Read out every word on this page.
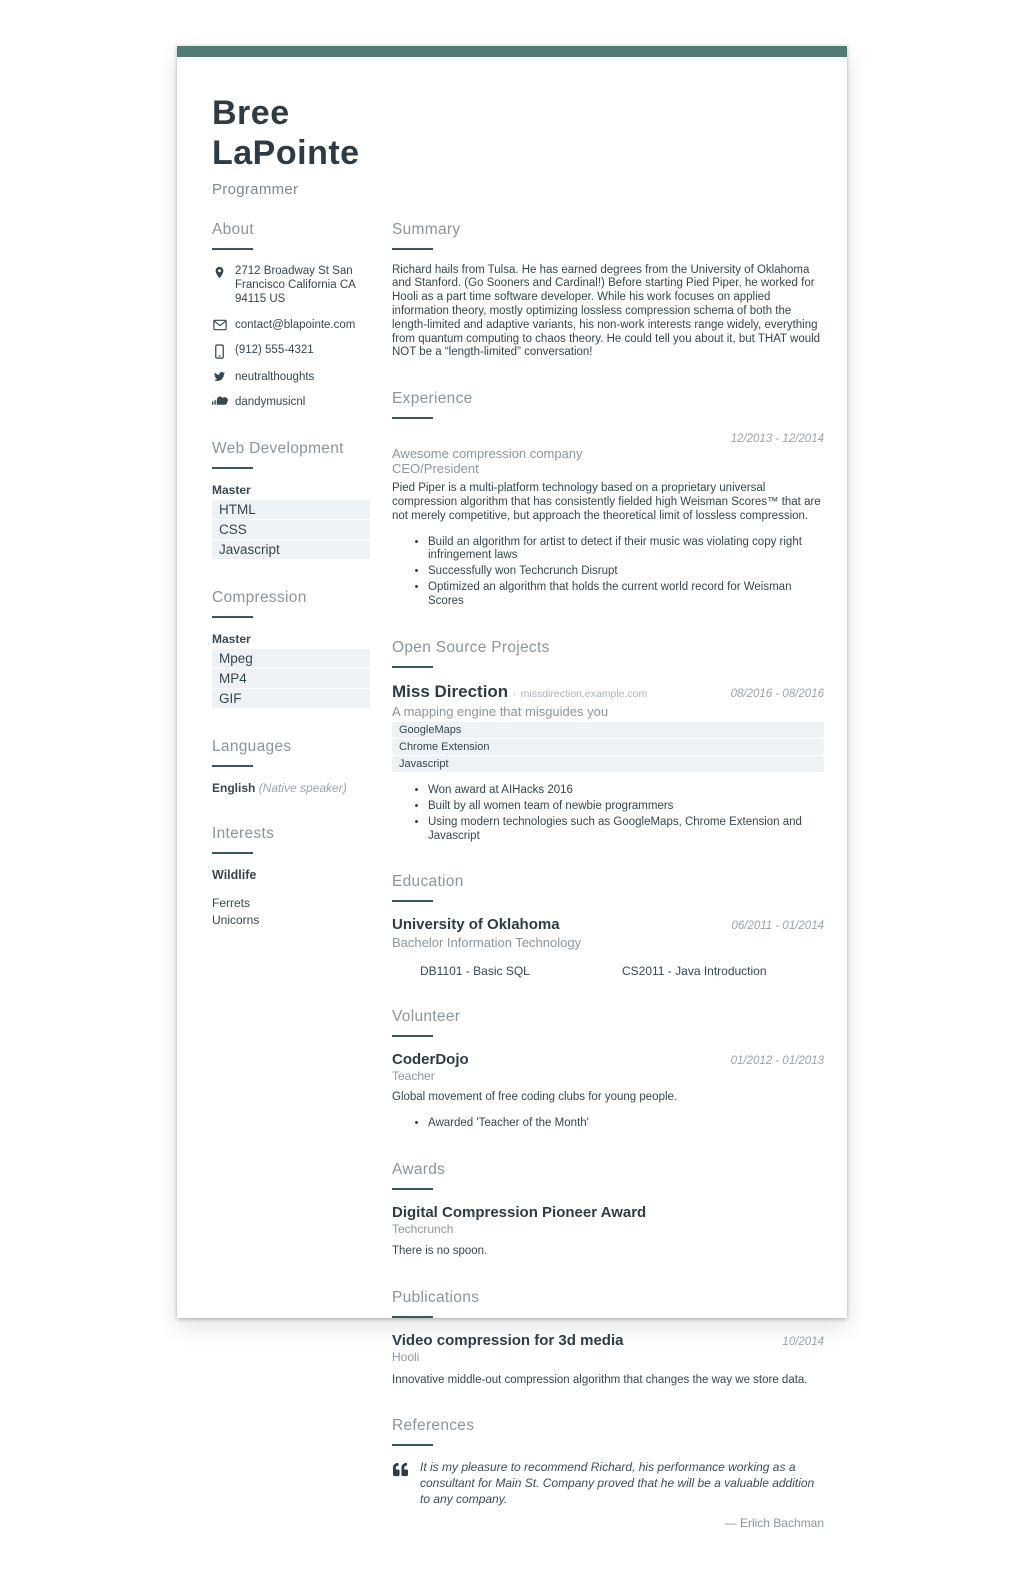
Bree
LaPointe
Programmer
About
2712 Broadway St San Francisco California CA 94115 US
contact@blapointe.com
(912) 555-4321
neutralthoughts
dandymusicnl
Web Development
Master
HTML
CSS
Javascript
Compression
Master
Mpeg
MP4
GIF
Languages
English (Native speaker)
Interests
Wildlife
Ferrets
Unicorns
Summary

Richard hails from Tulsa. He has earned degrees from the University of Oklahoma and Stanford. (Go Sooners and Cardinal!) Before starting Pied Piper, he worked for Hooli as a part time software developer. While his work focuses on applied information theory, mostly optimizing lossless compression schema of both the length-limited and adaptive variants, his non-work interests range widely, everything from quantum computing to chaos theory. He could tell you about it, but THAT would NOT be a “length-limited” conversation!

Experience
12/2013 - 12/2014
Awesome compression company
CEO/President

Pied Piper is a multi-platform technology based on a proprietary universal compression algorithm that has consistently fielded high Weisman Scores™ that are not merely competitive, but approach the theoretical limit of lossless compression.

• Build an algorithm for artist to detect if their music was violating copy right infringement laws
• Successfully won Techcrunch Disrupt
• Optimized an algorithm that holds the current world record for Weisman Scores
Open Source Projects
Miss Direction · missdirection.example.com	08/2016 - 08/2016
A mapping engine that misguides you
GoogleMaps
Chrome Extension
Javascript
• Won award at AIHacks 2016
• Built by all women team of newbie programmers
• Using modern technologies such as GoogleMaps, Chrome Extension and Javascript
Education
University of Oklahoma	06/2011 - 01/2014
Bachelor Information Technology
DB1101 - Basic SQL	CS2011 - Java Introduction
Volunteer
CoderDojo	01/2012 - 01/2013
Teacher

Global movement of free coding clubs for young people.

• Awarded 'Teacher of the Month'
Awards
Digital Compression Pioneer Award
Techcrunch

There is no spoon.

Publications
Video compression for 3d media	10/2014
Hooli

Innovative middle-out compression algorithm that changes the way we store data.

References
It is my pleasure to recommend Richard, his performance working as a consultant for Main St. Company proved that he will be a valuable addition to any company.
— Erlich Bachman
